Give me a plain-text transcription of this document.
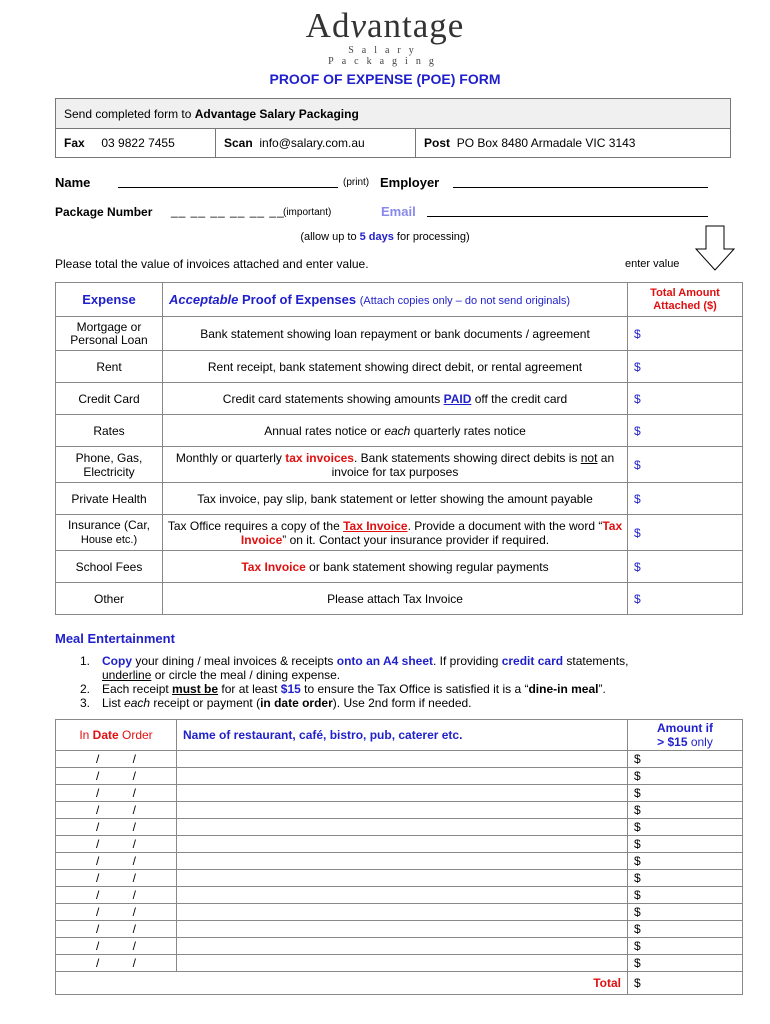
Advantage
Salary Packaging
PROOF OF EXPENSE (POE) FORM
Send completed form to Advantage Salary Packaging
Fax 03 9822 7455	Scan info@salary.com.au	Post PO Box 8480 Armadale VIC 3143
Name	(print) Employer
Package Number __ __ __ __ __ __
(important)	Email
(allow up to 5 days for processing)
Please total the value of invoices attached and enter value.	enter value
Expense	Acceptable Proof of Expenses (Attach copies only – do not send originals)	Total Amount
Attached ($)
Mortgage or Personal Loan	Bank statement showing loan repayment or bank documents / agreement	$
Rent	Rent receipt, bank statement showing direct debit, or rental agreement	$
Credit Card	Credit card statements showing amounts PAID off the credit card	$
Rates	Annual rates notice or each quarterly rates notice	$
Phone, Gas, Electricity	Monthly or quarterly tax invoices. Bank statements showing direct debits is not an invoice for tax purposes	$
Private Health	Tax invoice, pay slip, bank statement or letter showing the amount payable	$
Insurance (Car,
House etc.)	Tax Office requires a copy of the Tax Invoice. Provide a document with the word “Tax Invoice” on it. Contact your insurance provider if required.	$
School Fees	Tax Invoice or bank statement showing regular payments	$
Other	Please attach Tax Invoice	$
Meal Entertainment
1. Copy your dining / meal invoices & receipts onto an A4 sheet. If providing credit card statements, underline or circle the meal / dining expense.
2. Each receipt must be for at least $15 to ensure the Tax Office is satisfied it is a “dine-in meal”.
3. List each receipt or payment (in date order). Use 2nd form if needed.
In Date Order	Name of restaurant, café, bistro, pub, caterer etc.	Amount if
> $15 only
/          /		$
/          /		$
/          /		$
/          /		$
/          /		$
/          /		$
/          /		$
/          /		$
/          /		$
/          /		$
/          /		$
/          /		$
/          /		$
	Total	$
